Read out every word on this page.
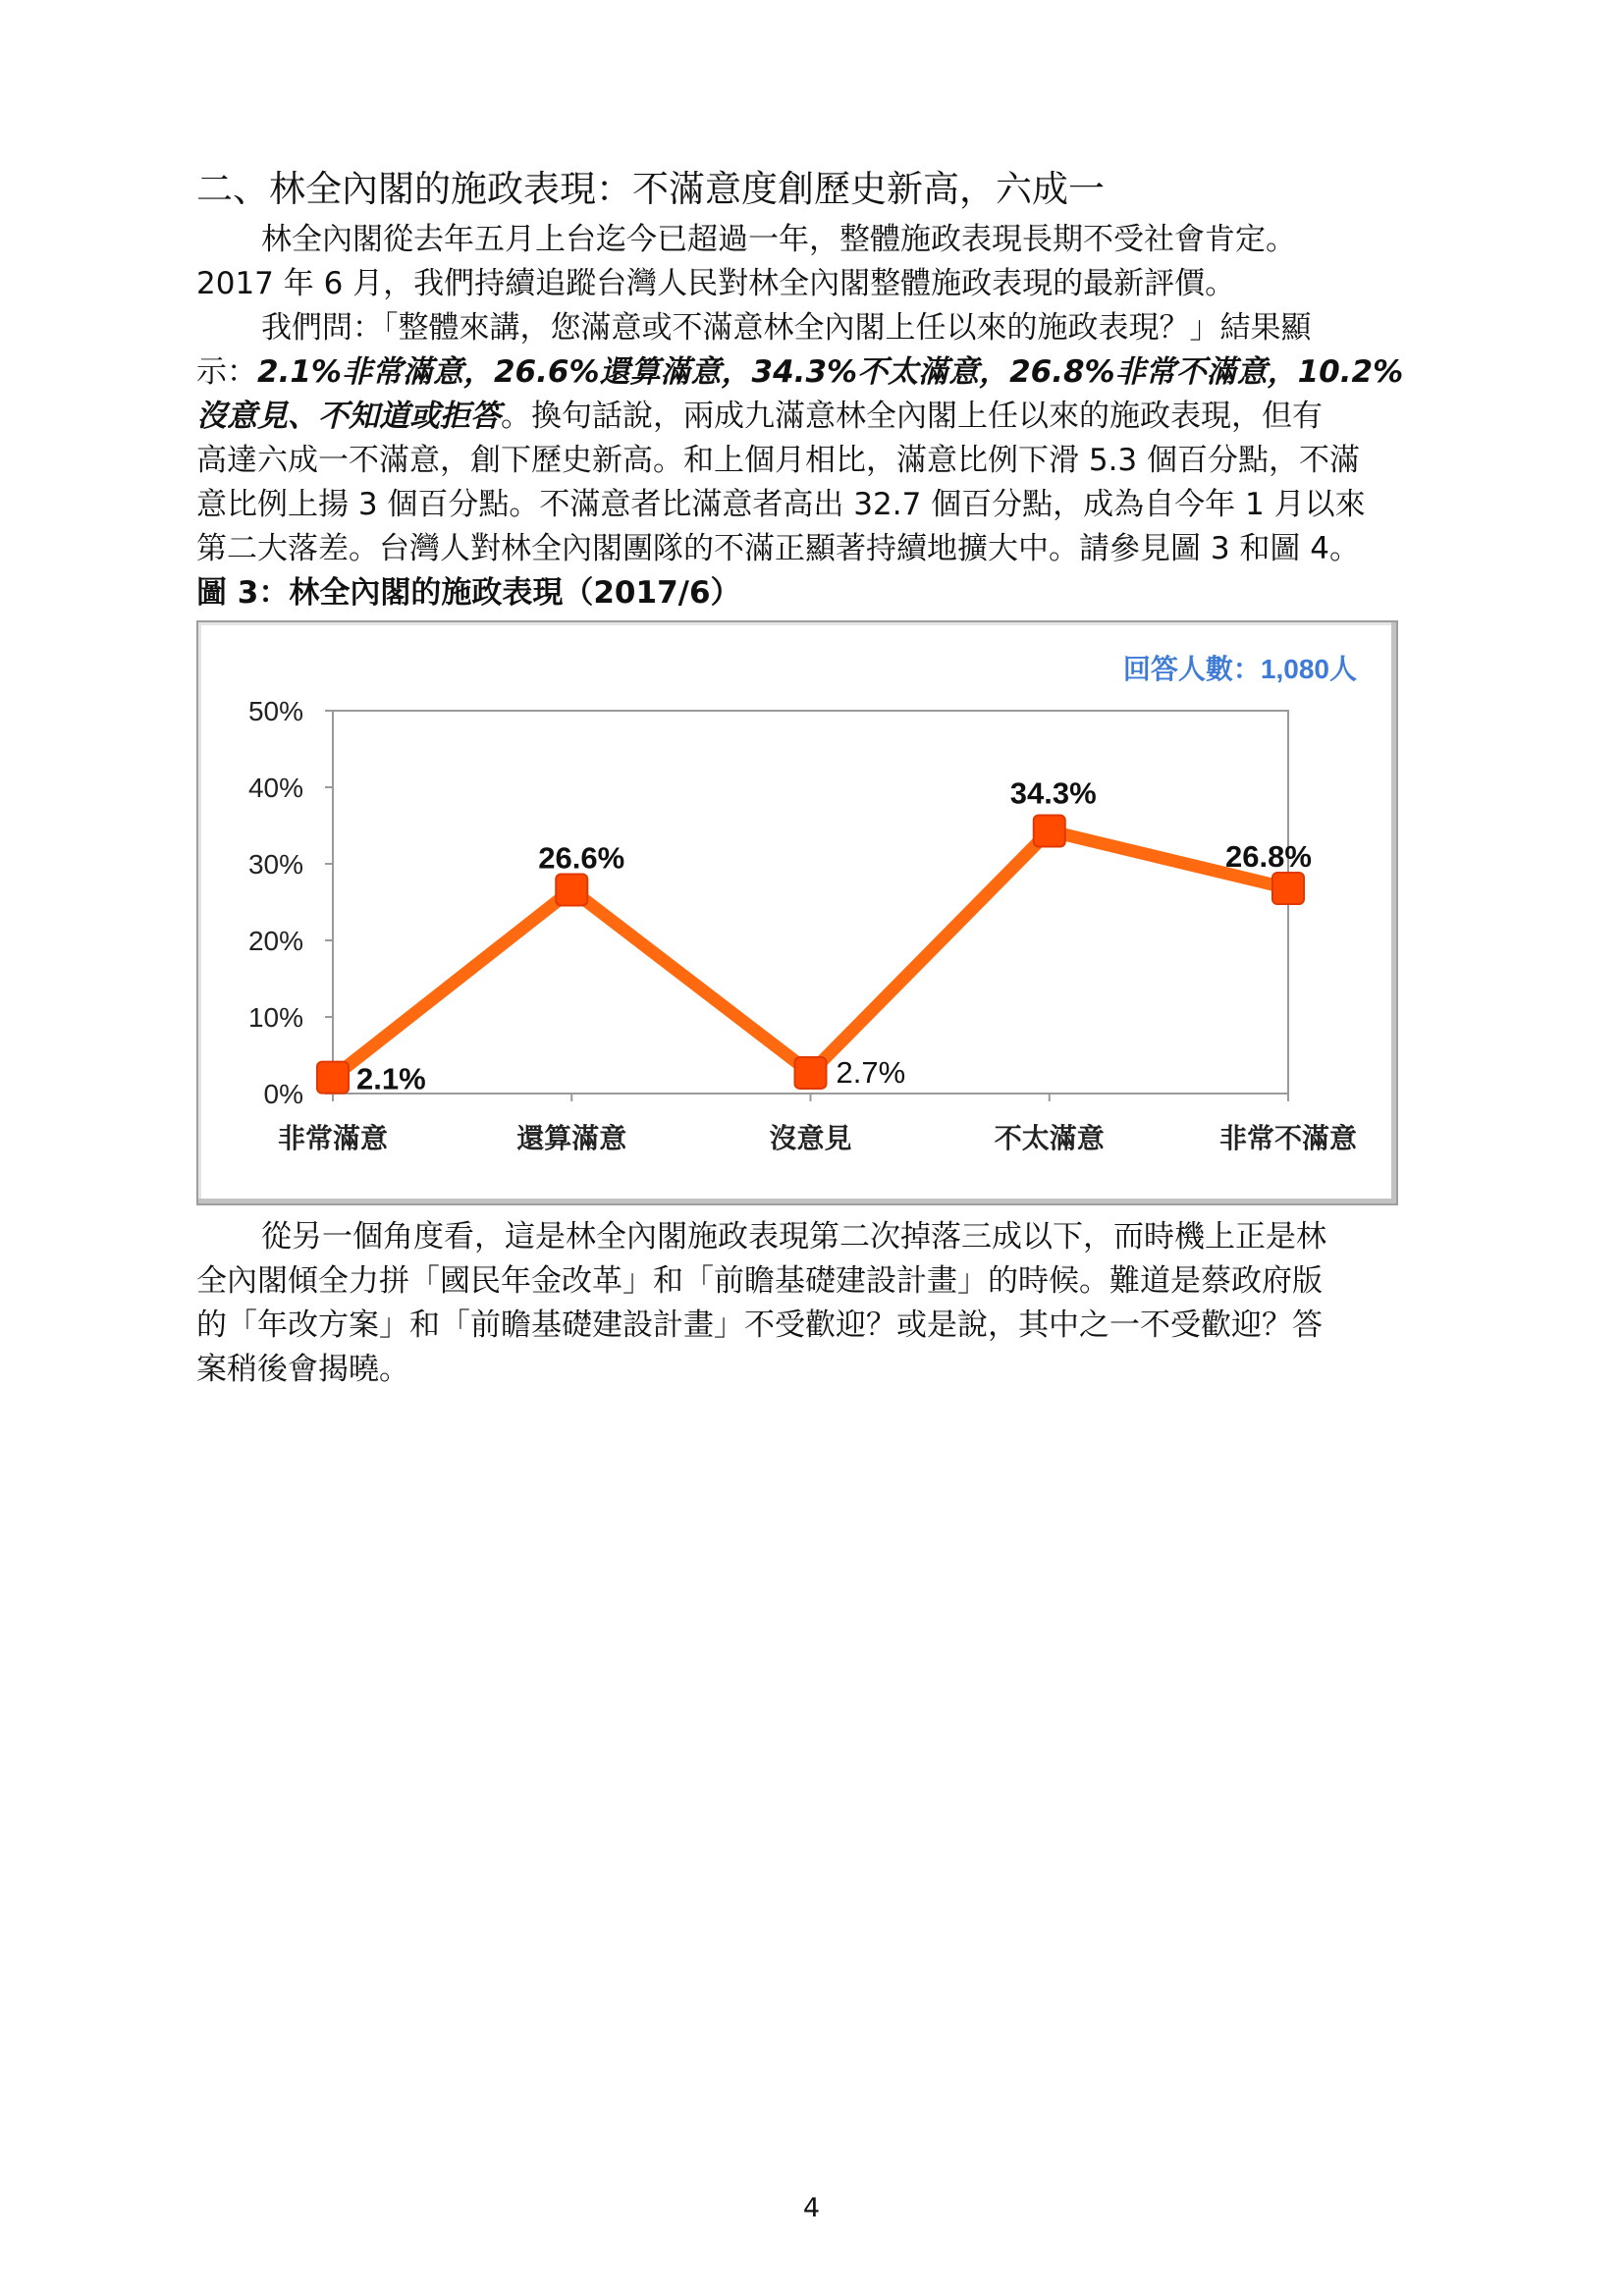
二、林全內閣的施政表現：不滿意度創歷史新高，六成一

林全內閣從去年五月上台迄今已超過一年，整體施政表現長期不受社會肯定。
2017 年 6 月，我們持續追蹤台灣人民對林全內閣整體施政表現的最新評價。

我們問：「整體來講，您滿意或不滿意林全內閣上任以來的施政表現？」結果顯
示：2.1%非常滿意，26.6%還算滿意，34.3%不太滿意，26.8%非常不滿意，10.2%
沒意見、不知道或拒答。換句話說，兩成九滿意林全內閣上任以來的施政表現，但有
高達六成一不滿意，創下歷史新高。和上個月相比，滿意比例下滑 5.3 個百分點，不滿
意比例上揚 3 個百分點。不滿意者比滿意者高出 32.7 個百分點，成為自今年 1 月以來
第二大落差。台灣人對林全內閣團隊的不滿正顯著持續地擴大中。請參見圖 3 和圖 4。

圖 3：林全內閣的施政表現（2017/6）

回答人數：1,080人
0%
10%
20%
30%
40%
50%
非常滿意	還算滿意	沒意見	不太滿意	非常不滿意
2.1%
26.6%
2.7%
34.3%
26.8%

從另一個角度看，這是林全內閣施政表現第二次掉落三成以下，而時機上正是林
全內閣傾全力拼「國民年金改革」和「前瞻基礎建設計畫」的時候。難道是蔡政府版
的「年改方案」和「前瞻基礎建設計畫」不受歡迎？或是說，其中之一不受歡迎？答
案稍後會揭曉。

4
